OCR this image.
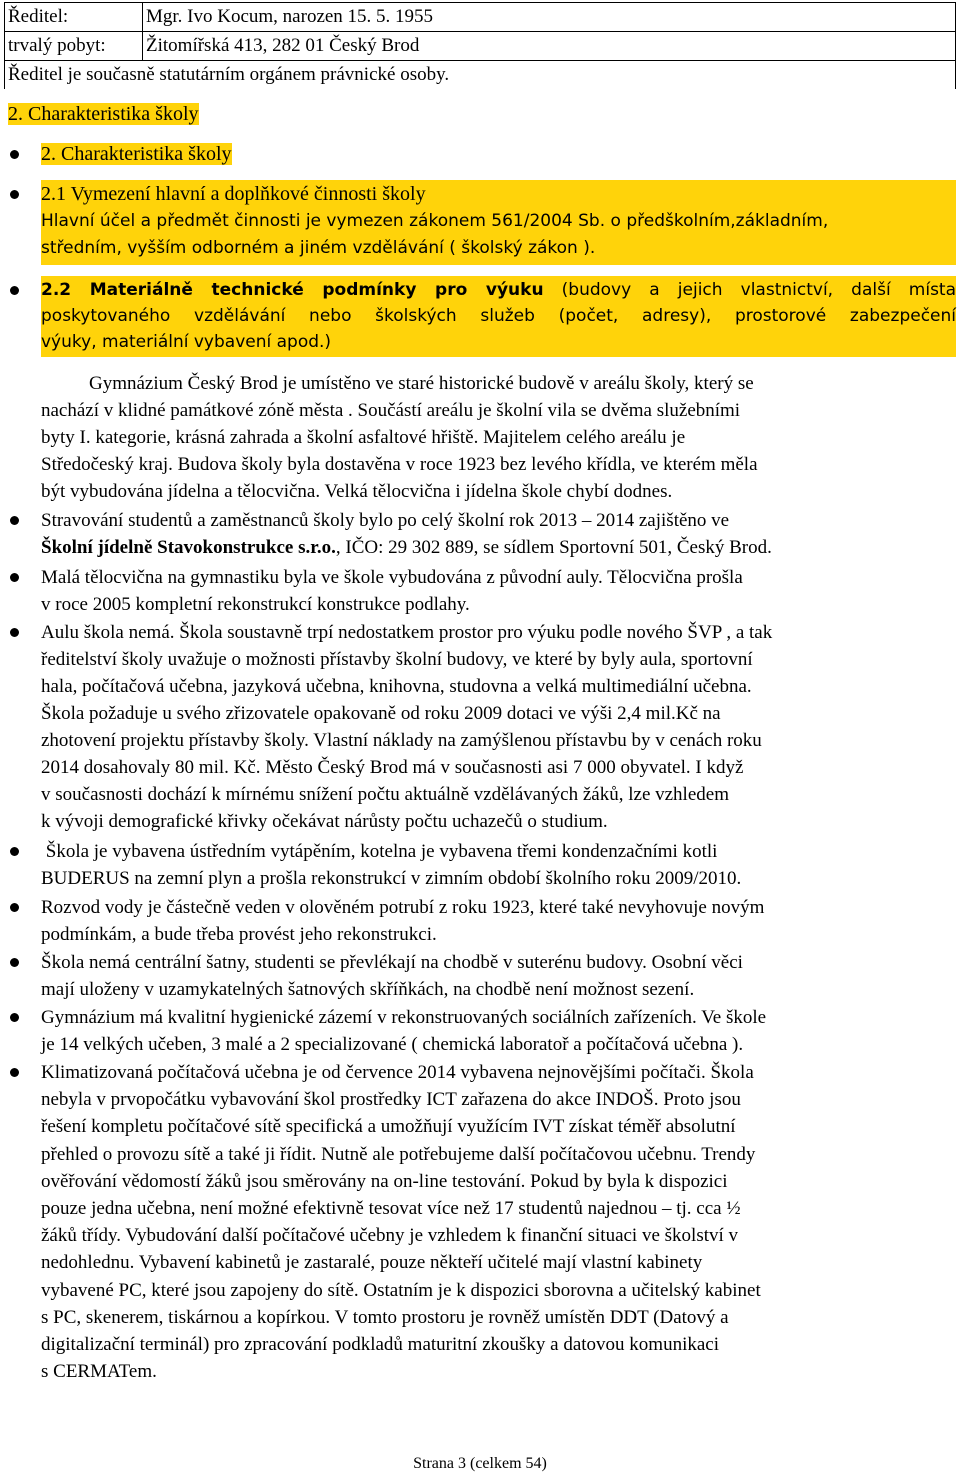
Ředitel:	Mgr. Ivo Kocum, narozen 15. 5. 1955
trvalý pobyt:	Žitomířská 413, 282 01 Český Brod
Ředitel je současně statutárním orgánem právnické osoby.	
2. Charakteristika školy
2. Charakteristika školy
2.1 Vymezení hlavní a doplňkové činnosti školy
Hlavní účel a předmět činnosti je vymezen zákonem 561/2004 Sb. o předškolním,základním,
středním, vyšším odborném a jiném vzdělávání ( školský zákon ).
2.2 Materiálně technické podmínky pro výuku (budovy a jejich vlastnictví, další místa
poskytovaného vzdělávání nebo školských služeb (počet, adresy), prostorové zabezpečení
výuky, materiální vybavení apod.)
Gymnázium Český Brod je umístěno ve staré historické budově v areálu školy, který se
nachází v klidné památkové zóně města . Součástí areálu je školní vila se dvěma služebními
byty I. kategorie, krásná zahrada a školní asfaltové hřiště. Majitelem celého areálu je
Středočeský kraj. Budova školy byla dostavěna v roce 1923 bez levého křídla, ve kterém měla
být vybudována jídelna a tělocvična. Velká tělocvična i jídelna škole chybí dodnes.
Stravování studentů a zaměstnanců školy bylo po celý školní rok 2013 – 2014 zajištěno ve
Školní jídelně Stavokonstrukce s.r.o., IČO: 29 302 889, se sídlem Sportovní 501, Český Brod.
Malá tělocvična na gymnastiku byla ve škole vybudována z původní auly. Tělocvična prošla
v roce 2005 kompletní rekonstrukcí konstrukce podlahy.
Aulu škola nemá. Škola soustavně trpí nedostatkem prostor pro výuku podle nového ŠVP , a tak
ředitelství školy uvažuje o možnosti přístavby školní budovy, ve které by byly aula, sportovní
hala, počítačová učebna, jazyková učebna, knihovna, studovna a velká multimediální učebna.
Škola požaduje u svého zřizovatele opakovaně od roku 2009 dotaci ve výši 2,4 mil.Kč na
zhotovení projektu přístavby školy. Vlastní náklady na zamýšlenou přístavbu by v cenách roku
2014 dosahovaly 80 mil. Kč. Město Český Brod má v současnosti asi 7 000 obyvatel. I když
v současnosti dochází k mírnému snížení počtu aktuálně vzdělávaných žáků, lze vzhledem
k vývoji demografické křivky očekávat nárůsty počtu uchazečů o studium.
Škola je vybavena ústředním vytápěním, kotelna je vybavena třemi kondenzačními kotli
BUDERUS na zemní plyn a prošla rekonstrukcí v zimním období školního roku 2009/2010.
Rozvod vody je částečně veden v olověném potrubí z roku 1923, které také nevyhovuje novým
podmínkám, a bude třeba provést jeho rekonstrukci.
Škola nemá centrální šatny, studenti se převlékají na chodbě v suterénu budovy. Osobní věci
mají uloženy v uzamykatelných šatnových skříňkách, na chodbě není možnost sezení.
Gymnázium má kvalitní hygienické zázemí v rekonstruovaných sociálních zařízeních. Ve škole
je 14 velkých učeben, 3 malé a 2 specializované ( chemická laboratoř a počítačová učebna ).
Klimatizovaná počítačová učebna je od července 2014 vybavena nejnovějšími počítači. Škola
nebyla v prvopočátku vybavování škol prostředky ICT zařazena do akce INDOŠ. Proto jsou
řešení kompletu počítačové sítě specifická a umožňují využícím IVT získat téměř absolutní
přehled o provozu sítě a také ji řídit. Nutně ale potřebujeme další počítačovou učebnu. Trendy
ověřování vědomostí žáků jsou směrovány na on-line testování. Pokud by byla k dispozici
pouze jedna učebna, není možné efektivně tesovat více než 17 studentů najednou – tj. cca ½
žáků třídy. Vybudování další počítačové učebny je vzhledem k finanční situaci ve školství v
nedohlednu. Vybavení kabinetů je zastaralé, pouze někteří učitelé mají vlastní kabinety
vybavené PC, které jsou zapojeny do sítě. Ostatním je k dispozici sborovna a učitelský kabinet
s PC, skenerem, tiskárnou a kopírkou. V tomto prostoru je rovněž umístěn DDT (Datový a
digitalizační terminál) pro zpracování podkladů maturitní zkoušky a datovou komunikaci
s CERMATem.
Strana 3 (celkem 54)
